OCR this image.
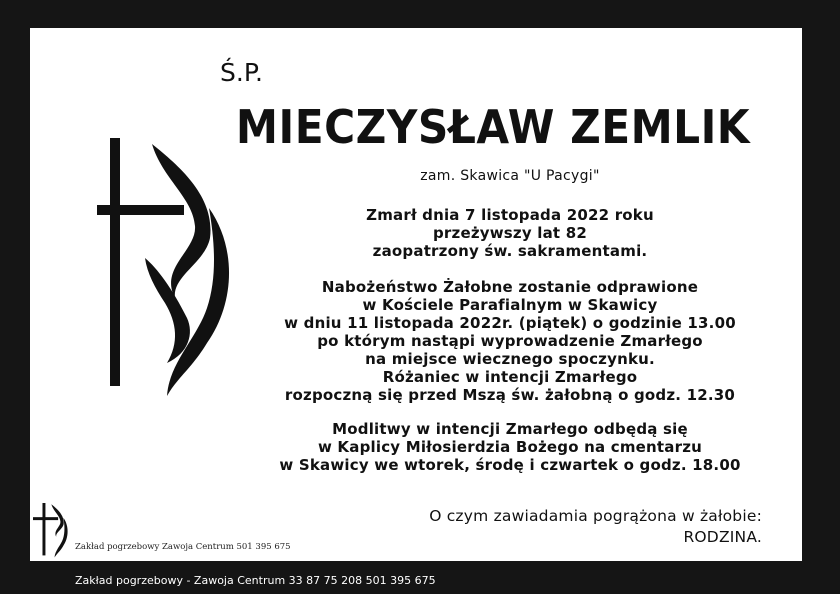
Ś.P.
MIECZYSŁAW ZEMLIK
zam. Skawica "U Pacygi"
Zmarł dnia 7 listopada 2022 roku
przeżywszy lat 82
zaopatrzony św. sakramentami.
Nabożeństwo Żałobne zostanie odprawione
w Kościele Parafialnym w Skawicy
w dniu 11 listopada 2022r. (piątek) o godzinie 13.00
po którym nastąpi wyprowadzenie Zmarłego
na miejsce wiecznego spoczynku.
Różaniec w intencji Zmarłego
rozpoczną się przed Mszą św. żałobną o godz. 12.30
Modlitwy w intencji Zmarłego odbędą się
w Kaplicy Miłosierdzia Bożego na cmentarzu
w Skawicy we wtorek, środę i czwartek o godz. 18.00
O czym zawiadamia pogrążona w żałobie:
RODZINA.
Zakład pogrzebowy Zawoja Centrum 501 395 675
Zakład pogrzebowy - Zawoja Centrum 33 87 75 208 501 395 675
